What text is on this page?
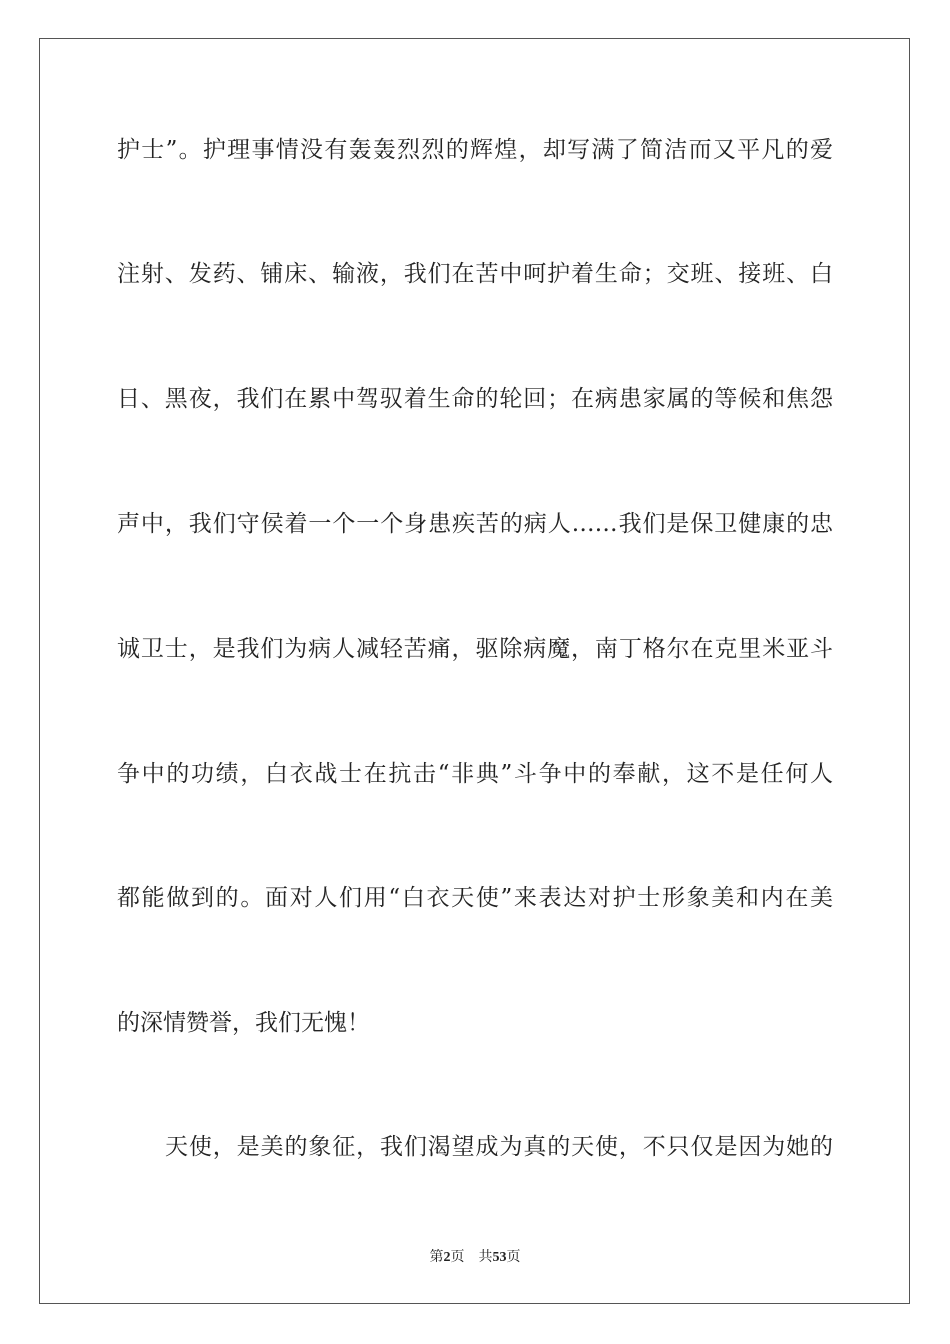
护士”。护理事情没有轰轰烈烈的辉煌，却写满了简洁而又平凡的爱
注射、发药、铺床、输液，我们在苦中呵护着生命；交班、接班、白
日、黑夜，我们在累中驾驭着生命的轮回；在病患家属的等候和焦怨
声中，我们守侯着一个一个身患疾苦的病人……我们是保卫健康的忠
诚卫士，是我们为病人减轻苦痛，驱除病魔，南丁格尔在克里米亚斗
争中的功绩，白衣战士在抗击“非典”斗争中的奉献，这不是任何人
都能做到的。面对人们用“白衣天使”来表达对护士形象美和内在美
的深情赞誉，我们无愧！
天使，是美的象征，我们渴望成为真的天使，不只仅是因为她的
第2页 共53页
